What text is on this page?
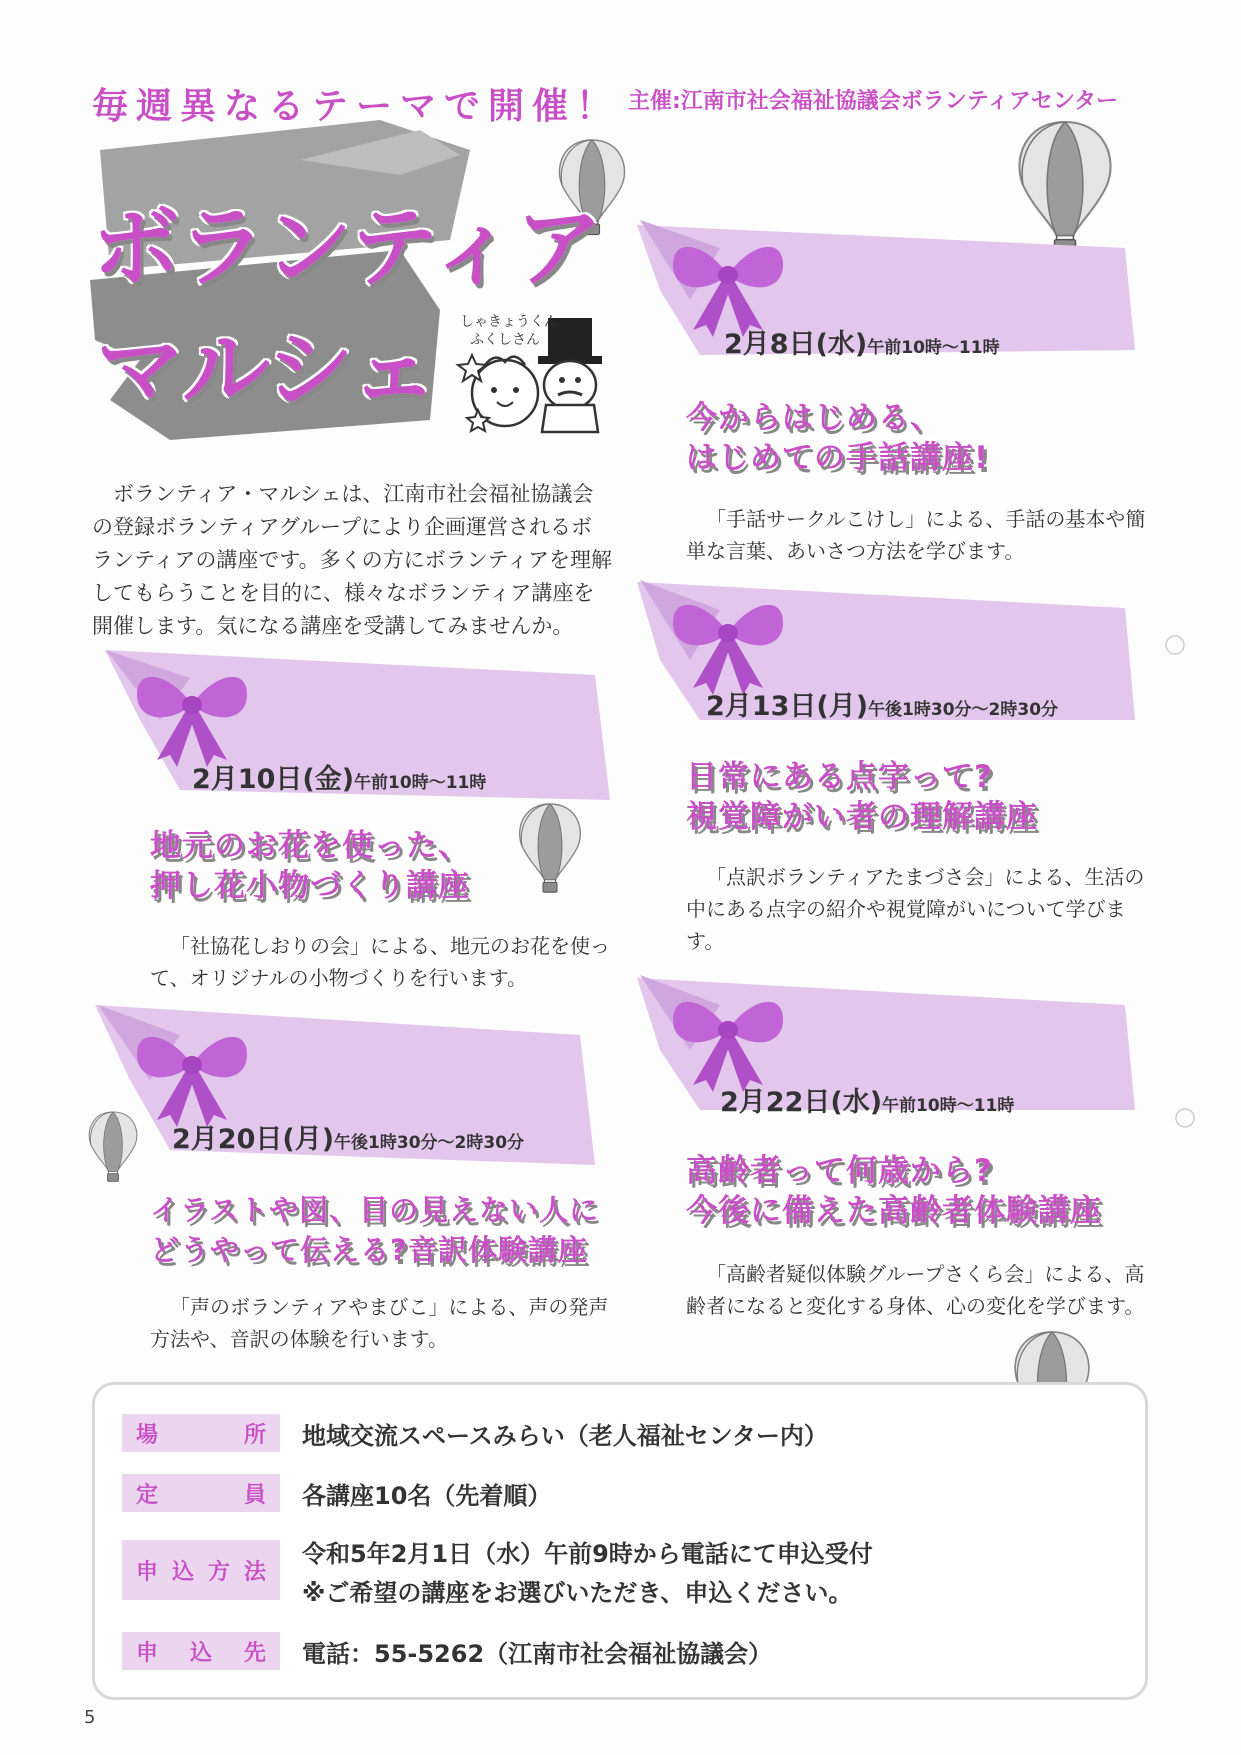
毎週異なるテーマで開催！ 主催:江南市社会福祉協議会ボランティアセンター
ボランティア
マルシェ しゃきょうくん
ふくしさん
ボランティア・マルシェは、江南市社会福祉協議会の登録ボランティアグループにより企画運営されるボランティアの講座です。多くの方にボランティアを理解してもらうことを目的に、様々なボランティア講座を開催します。気になる講座を受講してみませんか。
2月8日(水)午前10時～11時
今からはじめる、
はじめての手話講座!
「手話サークルこけし」による、手話の基本や簡単な言葉、あいさつ方法を学びます。
2月10日(金)午前10時～11時
地元のお花を使った、
押し花小物づくり講座
「社協花しおりの会」による、地元のお花を使って、オリジナルの小物づくりを行います。
2月13日(月)午後1時30分～2時30分
日常にある点字って?
視覚障がい者の理解講座
「点訳ボランティアたまづさ会」による、生活の中にある点字の紹介や視覚障がいについて学びます。
2月20日(月)午後1時30分～2時30分
イラストや図、目の見えない人に
どうやって伝える?音訳体験講座
「声のボランティアやまびこ」による、声の発声方法や、音訳の体験を行います。
2月22日(水)午前10時～11時
高齢者って何歳から?
今後に備えた高齢者体験講座
「高齢者疑似体験グループさくら会」による、高齢者になると変化する身体、心の変化を学びます。
場	所 地域交流スペースみらい（老人福祉センター内）
定	員 各講座10名（先着順）
申 込 方 法
令和5年2月1日（水）午前9時から電話にて申込受付
※ご希望の講座をお選びいただき、申込ください。
申 込 先 電話：55-5262（江南市社会福祉協議会）
5
